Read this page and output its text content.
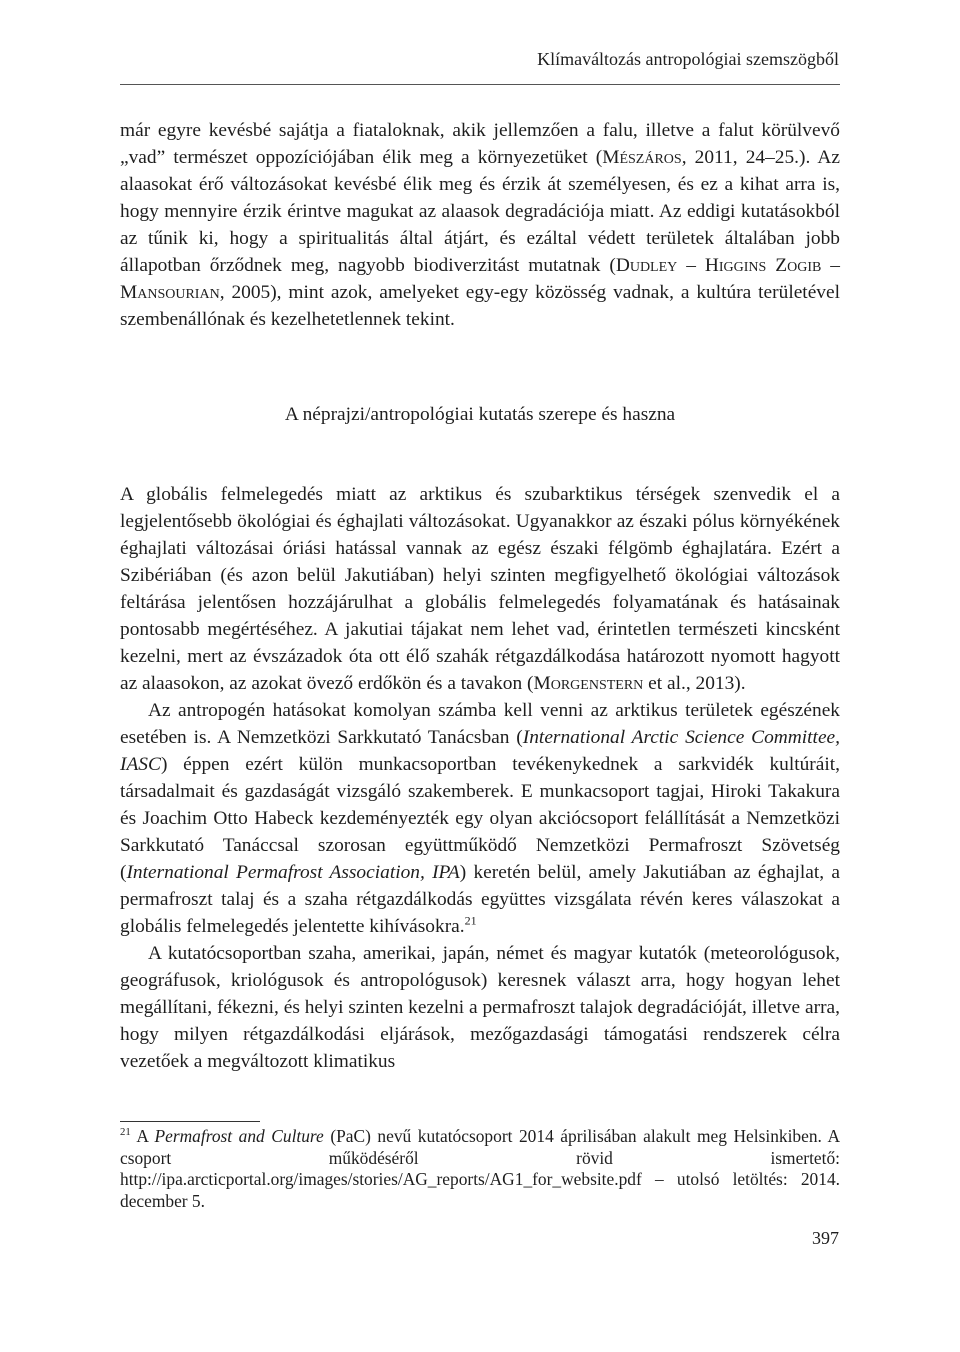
Klímaváltozás antropológiai szemszögből

már egyre kevésbé sajátja a fiataloknak, akik jellemzően a falu, illetve a falut körülvevő „vad” természet oppozíciójában élik meg a környezetüket (Mészáros, 2011, 24–25.). Az alaasokat érő változásokat kevésbé élik meg és érzik át személyesen, és ez a kihat arra is, hogy mennyire érzik érintve magukat az alaasok degradációja miatt. Az eddigi kutatásokból az tűnik ki, hogy a spiritualitás által átjárt, és ezáltal védett területek általában jobb állapotban őrződnek meg, nagyobb biodiverzitást mutatnak (Dudley – Higgins Zogib – Mansourian, 2005), mint azok, amelyeket egy-egy közösség vadnak, a kultúra területével szembenállónak és kezelhetetlennek tekint.

A néprajzi/antropológiai kutatás szerepe és haszna

A globális felmelegedés miatt az arktikus és szubarktikus térségek szenvedik el a legjelentősebb ökológiai és éghajlati változásokat. Ugyanakkor az északi pólus környékének éghajlati változásai óriási hatással vannak az egész északi félgömb éghajlatára. Ezért a Szibériában (és azon belül Jakutiában) helyi szinten megfigyelhető ökológiai változások feltárása jelentősen hozzájárulhat a globális felmelegedés folyamatának és hatásainak pontosabb megértéséhez. A jakutiai tájakat nem lehet vad, érintetlen természeti kincsként kezelni, mert az évszázadok óta ott élő szahák rétgazdálkodása határozott nyomott hagyott az alaasokon, az azokat övező erdőkön és a tavakon (Morgenstern et al., 2013).

Az antropogén hatásokat komolyan számba kell venni az arktikus területek egészének esetében is. A Nemzetközi Sarkkutató Tanácsban (International Arctic Science Committee, IASC) éppen ezért külön munkacsoportban tevékenykednek a sarkvidék kultúráit, társadalmait és gazdaságát vizsgáló szakemberek. E munkacsoport tagjai, Hiroki Takakura és Joachim Otto Habeck kezdeményezték egy olyan akciócsoport felállítását a Nemzetközi Sarkkutató Tanáccsal szorosan együttműködő Nemzetközi Permafroszt Szövetség (International Permafrost Association, IPA) keretén belül, amely Jakutiában az éghajlat, a permafroszt talaj és a szaha rétgazdálkodás együttes vizsgálata révén keres válaszokat a globális felmelegedés jelentette kihívásokra.$^{21}$

A kutatócsoportban szaha, amerikai, japán, német és magyar kutatók (meteorológusok, geográfusok, kriológusok és antropológusok) keresnek választ arra, hogy hogyan lehet megállítani, fékezni, és helyi szinten kezelni a permafroszt talajok degradációját, illetve arra, hogy milyen rétgazdálkodási eljárások, mezőgazdasági támogatási rendszerek célra vezetőek a megváltozott klimatikus

$^{21}$ A Permafrost and Culture (PaC) nevű kutatócsoport 2014 áprilisában alakult meg Helsinkiben. A csoport működéséről rövid ismertető: http://ipa.arcticportal.org/images/stories/AG_reports/AG1_for_website.pdf – utolsó letöltés: 2014. december 5.
397
